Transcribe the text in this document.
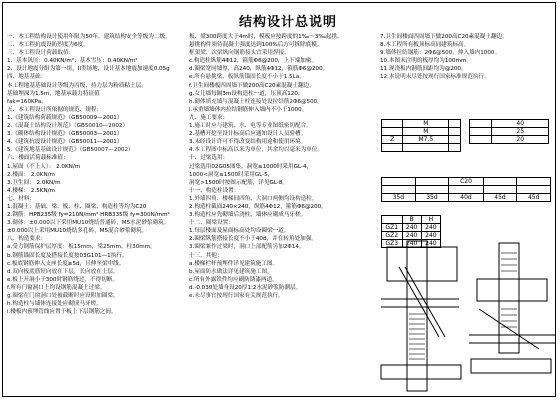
结构设计总说明
一、本工程结构设计使用年限为50年，建筑结构安全等级为二级。
二、本工程抗震设防烈度为6度。
三、本工程设计荷载取值：
1、基本风压：0.40KN/m²；基本雪压：0.40KN/m²
2、设计地震分组为第一组，II类场地，设计基本地震加速度0.05g
四、地基基础：
本工程地基基础设计等级为丙级，持力层为粉质粘土层。
基础埋深为1.5m，地基承载力特征值
fak=160KPa。
五、本工程设计所依据的规范、规程：
1.《建筑结构荷载规范》（GB50009—2001）
2.《混凝土结构设计规范》（GB50010—2002）
3.《砌体结构设计规范》（GB50003—2001）
4.《建筑抗震设计规范》（GB50011—2001）
5.《建筑地基基础设计规范》（GB50007—2002）
六、楼面活荷载标准值：
1.屋面（不上人）： 2.0KN/m
2.楼面： 2.0KN/m
3.卫生间： 2.0KN/m
4.楼梯： 2.5KN/m
七、材料：
1.混凝土：基础、梁、板、柱、圈梁、构造柱等均为C20
2.钢筋：HPB235级 fy=210N/mm² HRB335级 fy=300N/mm²
3.砌体：±0.000以下采用MU10烧结普通砖，M5水泥砂浆砌筑。
±0.000以上采用MU10烧结多孔砖，M5混合砂浆砌筑。
八、构造要求：
a.受力钢筋保护层厚度：板15mm，梁25mm，柱30mm。
b.钢筋锚固长度及搭接长度按03G101—1执行。
c.板底钢筋伸入支座长度≥5d，且伸至梁中线。
d.双向板底筋短向放在下层，长向放在上层。
e.板上开洞小于300时钢筋绕过，不得切断。
f.所有门窗洞口上均设钢筋混凝土过梁。
g.圈梁在门窗洞口处被截断时应设附加圈梁。
h.构造柱与墙体连接处应砌成马牙槎。
i.楼板内预埋管线应置于板上下层钢筋之间。
板、梁300跨度大于4m时，模板应按跨度的1‰～3‰起拱。
悬挑构件须待混凝土强度达到100%后方可拆除底模。
框架梁、次梁纵向钢筋接头宜采用焊接。
c.构造柱纵筋4Φ12，箍筋Φ6@200，上下端加密。
d.圈梁宽同墙厚，高240，纵筋4Φ12，箍筋Φ6@200。
e.所有悬挑梁、板纵筋锚固长度不小于1.5La。
f.卫生间楼板四周墙下做200高C20素混凝土翻边。
g.女儿墙每隔3m设构造柱一道，压顶高120。
h.砌体填充墙与混凝土柱连接处设拉结筋2Φ6@500。
i.承重墙墙体内拉结钢筋伸入墙内不小于1000。
九、施工要求：
1.施工时应与建筑、水、电等专业图纸密切配合。
2.基槽开挖至设计标高后应通知设计人员验槽。
3.未经设计许可不得改变结构用途和使用环境。
4.本工程图中标高以米为单位，其余均以毫米为单位。
十、过梁选用：
过梁选用02G05图集，洞宽≤1000时采用GL-4，
1000<洞宽≤1500时采用GL-5，
洞宽>1500时按图示配筋，详见GL-8。
十一、构造柱设置：
1.外墙四角、楼梯间四角、大洞口两侧均设构造柱。
2.构造柱截面240×240，纵筋4Φ12，箍筋Φ6@200。
3.构造柱应先砌墙后浇柱，墙体应砌成马牙槎。
十二、圈梁设置：
1.每层楼面及屋面标高处均设圈梁一道。
2.圈梁纵筋搭接长度不小于40d，并在转角处加强。
3.圈梁兼作过梁时，洞口上部配筋另加2Φ14。
十三、其他：
a.楼梯栏杆预埋件详见建筑施工图。
b.屋面防水做法详见建筑施工图。
c.所有外露铁件均应刷防锈漆两道。
d.-0.030处墙身设20厚1:2水泥砂浆防潮层。
e.未尽事宜按现行国家有关规范执行。
7.卫生间楼面四周墙下做200高C20素混凝土翻边。
8.本工程所有板顶标高同建筑标高。
9.墙体拉结钢筋：2Φ6@500，伸入墙内1000。
10.本图未注明的板厚均为100mm。
11.现浇板内钢筋间距均为@200。
12.本说明未尽处按现行国家标准规范执行。
	M	
	M	
Z	M7.5	

	40
	25
	20
		C20		

35d	35d	40d	45d	45d
	B	H
GZ1	240	240
GZ2	240	240
GZ3	240	240
